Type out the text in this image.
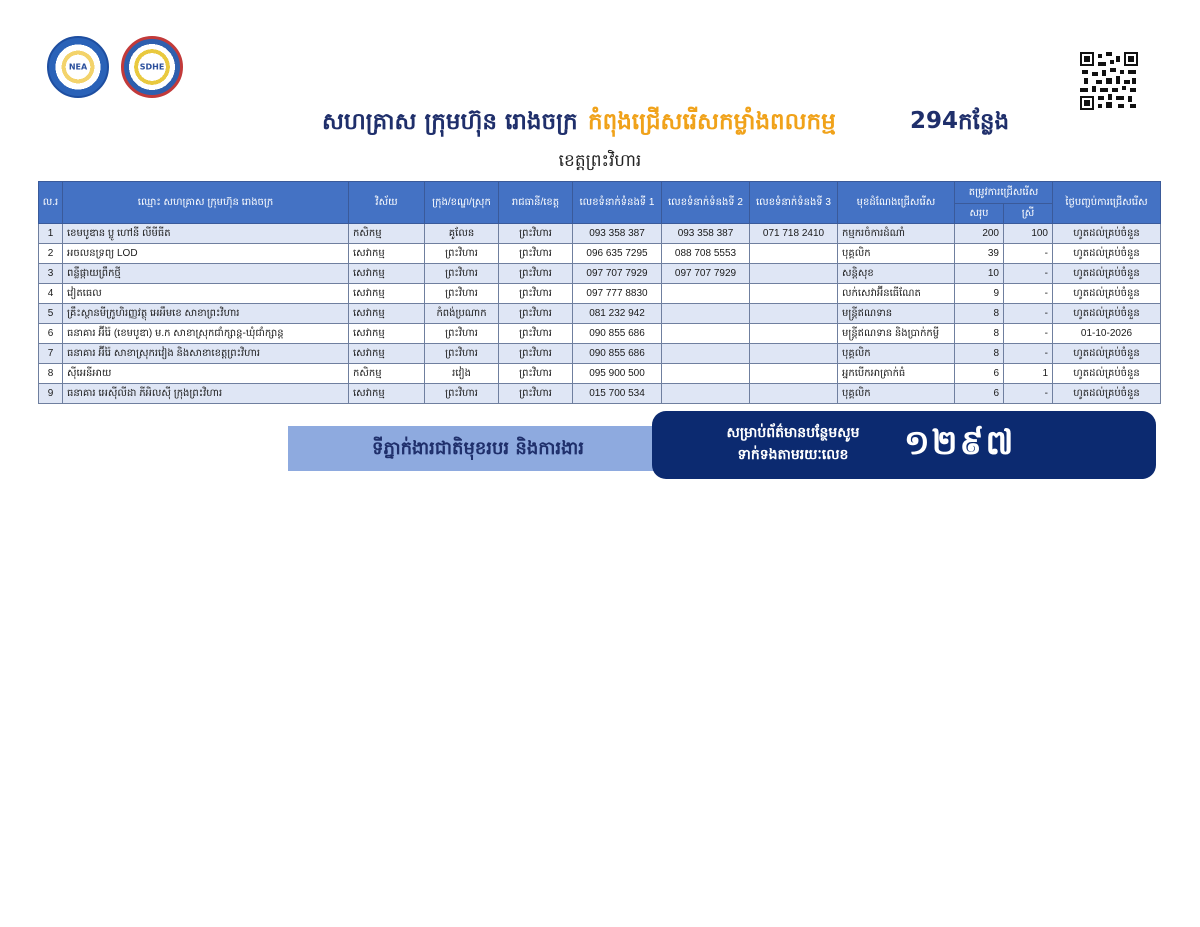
NEA	SDHE
សហគ្រាស ក្រុមហ៊ុន រោងចក្រ កំពុងជ្រើសរើសកម្លាំងពលកម្ម	294 កន្លែង
ខេត្តព្រះវិហារ
ល.រ	ឈ្មោះ សហគ្រាស ក្រុមហ៊ុន រោងចក្រ	វិស័យ	ក្រុង/ខណ្ឌ/ស្រុក	រាជធានី/ខេត្ត	លេខទំនាក់ទំនងទី 1	លេខទំនាក់ទំនងទី 2	លេខទំនាក់ទំនងទី 3	មុខដំណែងជ្រើសរើស	តម្រូវការជ្រើសរើស		ថ្ងៃបញ្ចប់ការជ្រើសរើស
									សរុប	ស្រី	
1	ខេមបូឌាន ប្លូ ហៅនី លីមីធីត	កសិកម្ម	គូលែន	ព្រះវិហារ	093 358 387	093 358 387	071 718 2410	កម្មករចំការដំណាំ	200	100	ហូតដល់គ្រប់ចំនួន
2	អចលនទ្រព្យ LOD	សេវាកម្ម	ព្រះវិហារ	ព្រះវិហារ	096 635 7295	088 708 5553		បុគ្គលិក	39	-	ហូតដល់គ្រប់ចំនួន
3	ពន្លឺផ្កាយព្រឹកថ្មី	សេវាកម្ម	ព្រះវិហារ	ព្រះវិហារ	097 707 7929	097 707 7929		សន្តិសុខ	10	-	ហូតដល់គ្រប់ចំនួន
4	វៀតធេល	សេវាកម្ម	ព្រះវិហារ	ព្រះវិហារ	097 777 8830			លក់សេវាអ៊ីនធើណែត	9	-	ហូតដល់គ្រប់ចំនួន
5	គ្រឹះស្ថានមីក្រូហិរញ្ញវត្ថុ អេអឹមខេ សាខាព្រះវិហារ	សេវាកម្ម	កំពង់ប្រណាក	ព្រះវិហារ	081 232 942			មន្ត្រីឥណទាន	8	-	ហូតដល់គ្រប់ចំនួន
6	ធនាគារ អ៊ីរ៉ៃ (ខេមបូឌា) ម.ក សាខាស្រុកជាំក្សាន្ត-ឃុំជាំក្សាន្ត	សេវាកម្ម	ព្រះវិហារ	ព្រះវិហារ	090 855 686			មន្ត្រីឥណទាន និងប្រាក់កម្ចី	8	-	01-10-2026
7	ធនាគារ អ៊ីរ៉ៃ សាខាស្រុករវៀង និងសាខាខេត្តព្រះវិហារ	សេវាកម្ម	ព្រះវិហារ	ព្រះវិហារ	090 855 686			បុគ្គលិក	8	-	ហូតដល់គ្រប់ចំនួន
8	ស៊ីអេនីអាយ	កសិកម្ម	រវៀង	ព្រះវិហារ	095 900 500			អ្នកបើកអាត្រាក់ធំ	6	1	ហូតដល់គ្រប់ចំនួន
9	ធនាគារ អេស៊ីលីដា ភីអិលស៊ី ក្រុងព្រះវិហារ	សេវាកម្ម	ព្រះវិហារ	ព្រះវិហារ	015 700 534			បុគ្គលិក	6	-	ហូតដល់គ្រប់ចំនួន
ទីភ្នាក់ងារជាតិមុខរបរ និងការងារ
សម្រាប់ព័ត៌មានបន្ថែមសូម
ទាក់ទងតាមរយៈលេខ	១២៩៧
